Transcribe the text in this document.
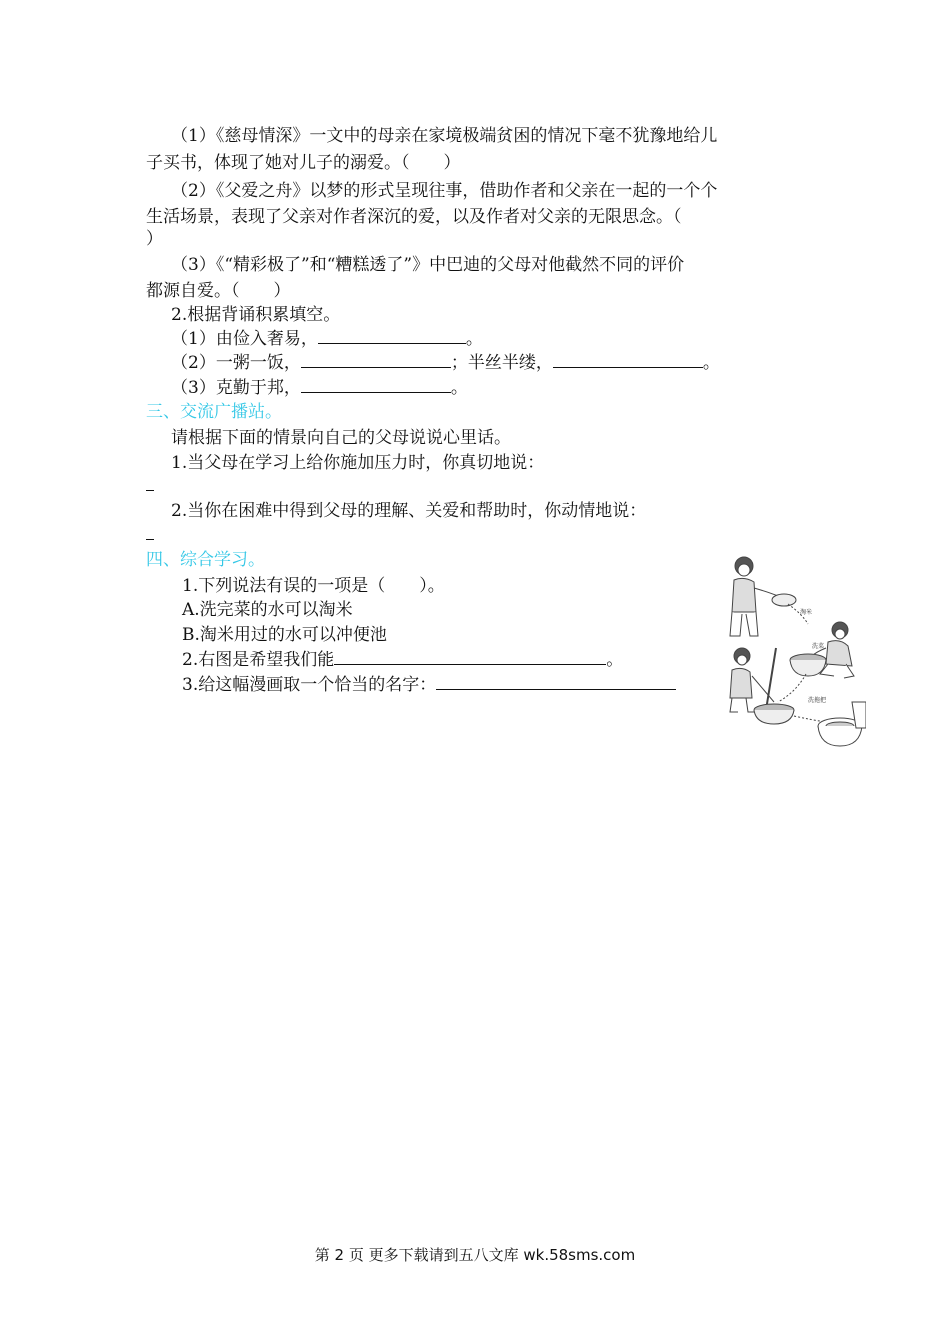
（1）《慈母情深》一文中的母亲在家境极端贫困的情况下毫不犹豫地给儿
子买书，体现了她对儿子的溺爱。（　　）
（2）《父爱之舟》以梦的形式呈现往事，借助作者和父亲在一起的一个个
生活场景，表现了父亲对作者深沉的爱，以及作者对父亲的无限思念。（
）
（3）《“精彩极了”和“糟糕透了”》中巴迪的父母对他截然不同的评价
都源自爱。（　　）
2.根据背诵积累填空。
（1）由俭入奢易，	。
（2）一粥一饭，	；半丝半缕，	。
（3）克勤于邦，	。
三、交流广播站。
请根据下面的情景向自己的父母说说心里话。
1.当父母在学习上给你施加压力时，你真切地说：
2.当你在困难中得到父母的理解、关爱和帮助时，你动情地说：
四、综合学习。
1.下列说法有误的一项是（　　）。
A.洗完菜的水可以淘米
B.淘米用过的水可以冲便池
2.右图是希望我们能	。
3.给这幅漫画取一个恰当的名字：
淘米
洗菜
洗拖把
第 2 页 更多下载请到五八文库 wk.58sms.com
